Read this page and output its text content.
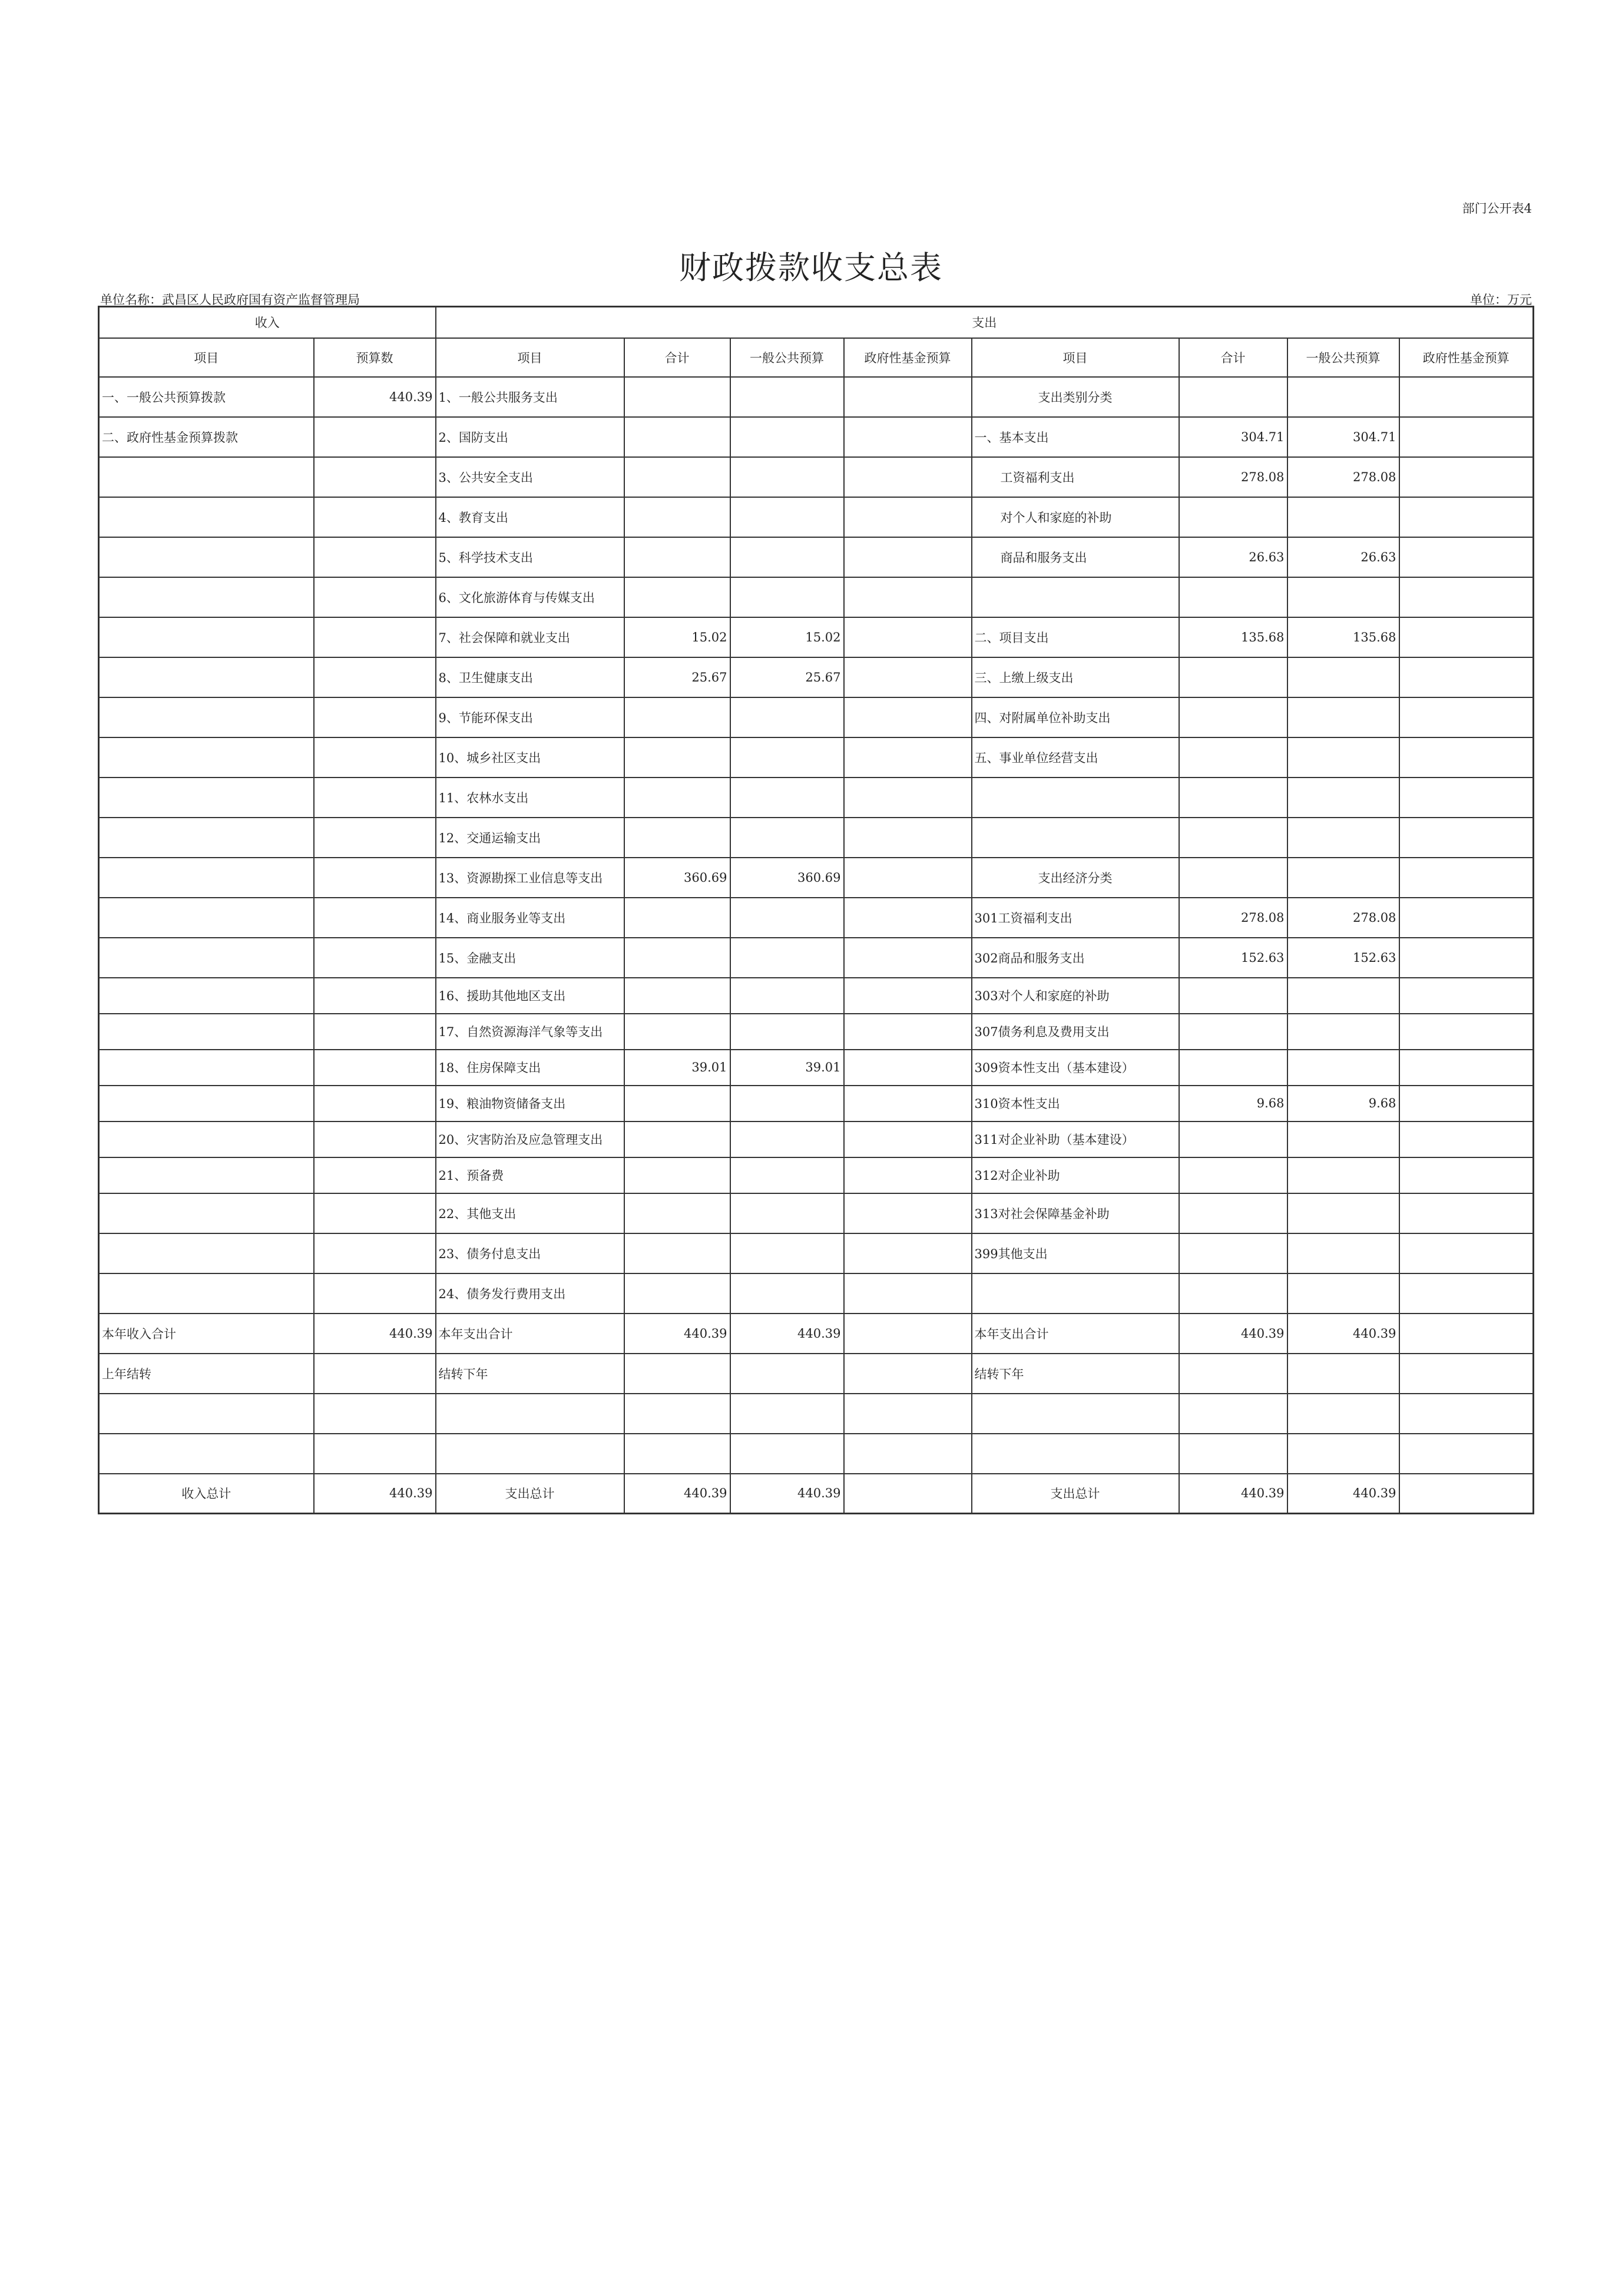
部门公开表4
财政拨款收支总表
单位名称：武昌区人民政府国有资产监督管理局	单位：万元
收入		支出							
项目	预算数	项目	合计	一般公共预算	政府性基金预算	项目	合计	一般公共预算	政府性基金预算
一、一般公共预算拨款	440.39	1、一般公共服务支出				支出类别分类			
二、政府性基金预算拨款		2、国防支出				一、基本支出	304.71	304.71	
		3、公共安全支出				工资福利支出	278.08	278.08	
		4、教育支出				对个人和家庭的补助			
		5、科学技术支出				商品和服务支出	26.63	26.63	
		6、文化旅游体育与传媒支出							
		7、社会保障和就业支出	15.02	15.02		二、项目支出	135.68	135.68	
		8、卫生健康支出	25.67	25.67		三、上缴上级支出			
		9、节能环保支出				四、对附属单位补助支出			
		10、城乡社区支出				五、事业单位经营支出			
		11、农林水支出							
		12、交通运输支出							
		13、资源勘探工业信息等支出	360.69	360.69		支出经济分类			
		14、商业服务业等支出				301工资福利支出	278.08	278.08	
		15、金融支出				302商品和服务支出	152.63	152.63	
		16、援助其他地区支出				303对个人和家庭的补助			
		17、自然资源海洋气象等支出				307债务利息及费用支出			
		18、住房保障支出	39.01	39.01		309资本性支出（基本建设）			
		19、粮油物资储备支出				310资本性支出	9.68	9.68	
		20、灾害防治及应急管理支出				311对企业补助（基本建设）			
		21、预备费				312对企业补助			
		22、其他支出				313对社会保障基金补助			
		23、债务付息支出				399其他支出			
		24、债务发行费用支出							
本年收入合计	440.39	本年支出合计	440.39	440.39		本年支出合计	440.39	440.39	
上年结转		结转下年				结转下年			

收入总计	440.39	支出总计	440.39	440.39		支出总计	440.39	440.39	
